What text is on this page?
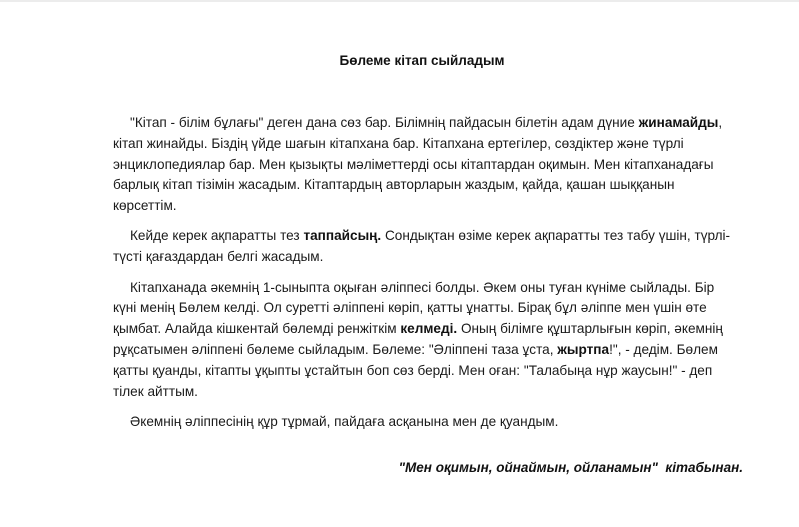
Бөлеме кітап сыйладым

"Кітап - білім бұлағы" деген дана сөз бар. Білімнің пайдасын білетін адам дүние жинамайды,
кітап жинайды. Біздің үйде шағын кітапхана бар. Кітапхана ертегілер, сөздіктер және түрлі
энциклопедиялар бар. Мен қызықты мәліметтерді осы кітаптардан оқимын. Мен кітапханадағы
барлық кітап тізімін жасадым. Кітаптардың авторларын жаздым, қайда, қашан шыққанын
көрсеттім.

Кейде керек ақпаратты тез таппайсың. Сондықтан өзіме керек ақпаратты тез табу үшін, түрлі-
түсті қағаздардан белгі жасадым.

Кітапханада әкемнің 1-сыныпта оқыған әліппесі болды. Әкем оны туған күніме сыйлады. Бір
күні менің Бөлем келді. Ол суретті әліппені көріп, қатты ұнатты. Бірақ бұл әліппе мен үшін өте
қымбат. Алайда кішкентай бөлемді ренжіткім келмеді. Оның білімге құштарлығын көріп, әкемнің
рұқсатымен әліппені бөлеме сыйладым. Бөлеме: "Әліппені таза ұста, жыртпа!", - дедім. Бөлем
қатты қуанды, кітапты ұқыпты ұстайтын боп сөз берді. Мен оған: "Талабыңа нұр жаусын!" - деп
тілек айттым.

Әкемнің әліппесінің құр тұрмай, пайдаға асқанына мен де қуандым.

"Мен оқимын, ойнаймын, ойланамын"  кітабынан.
